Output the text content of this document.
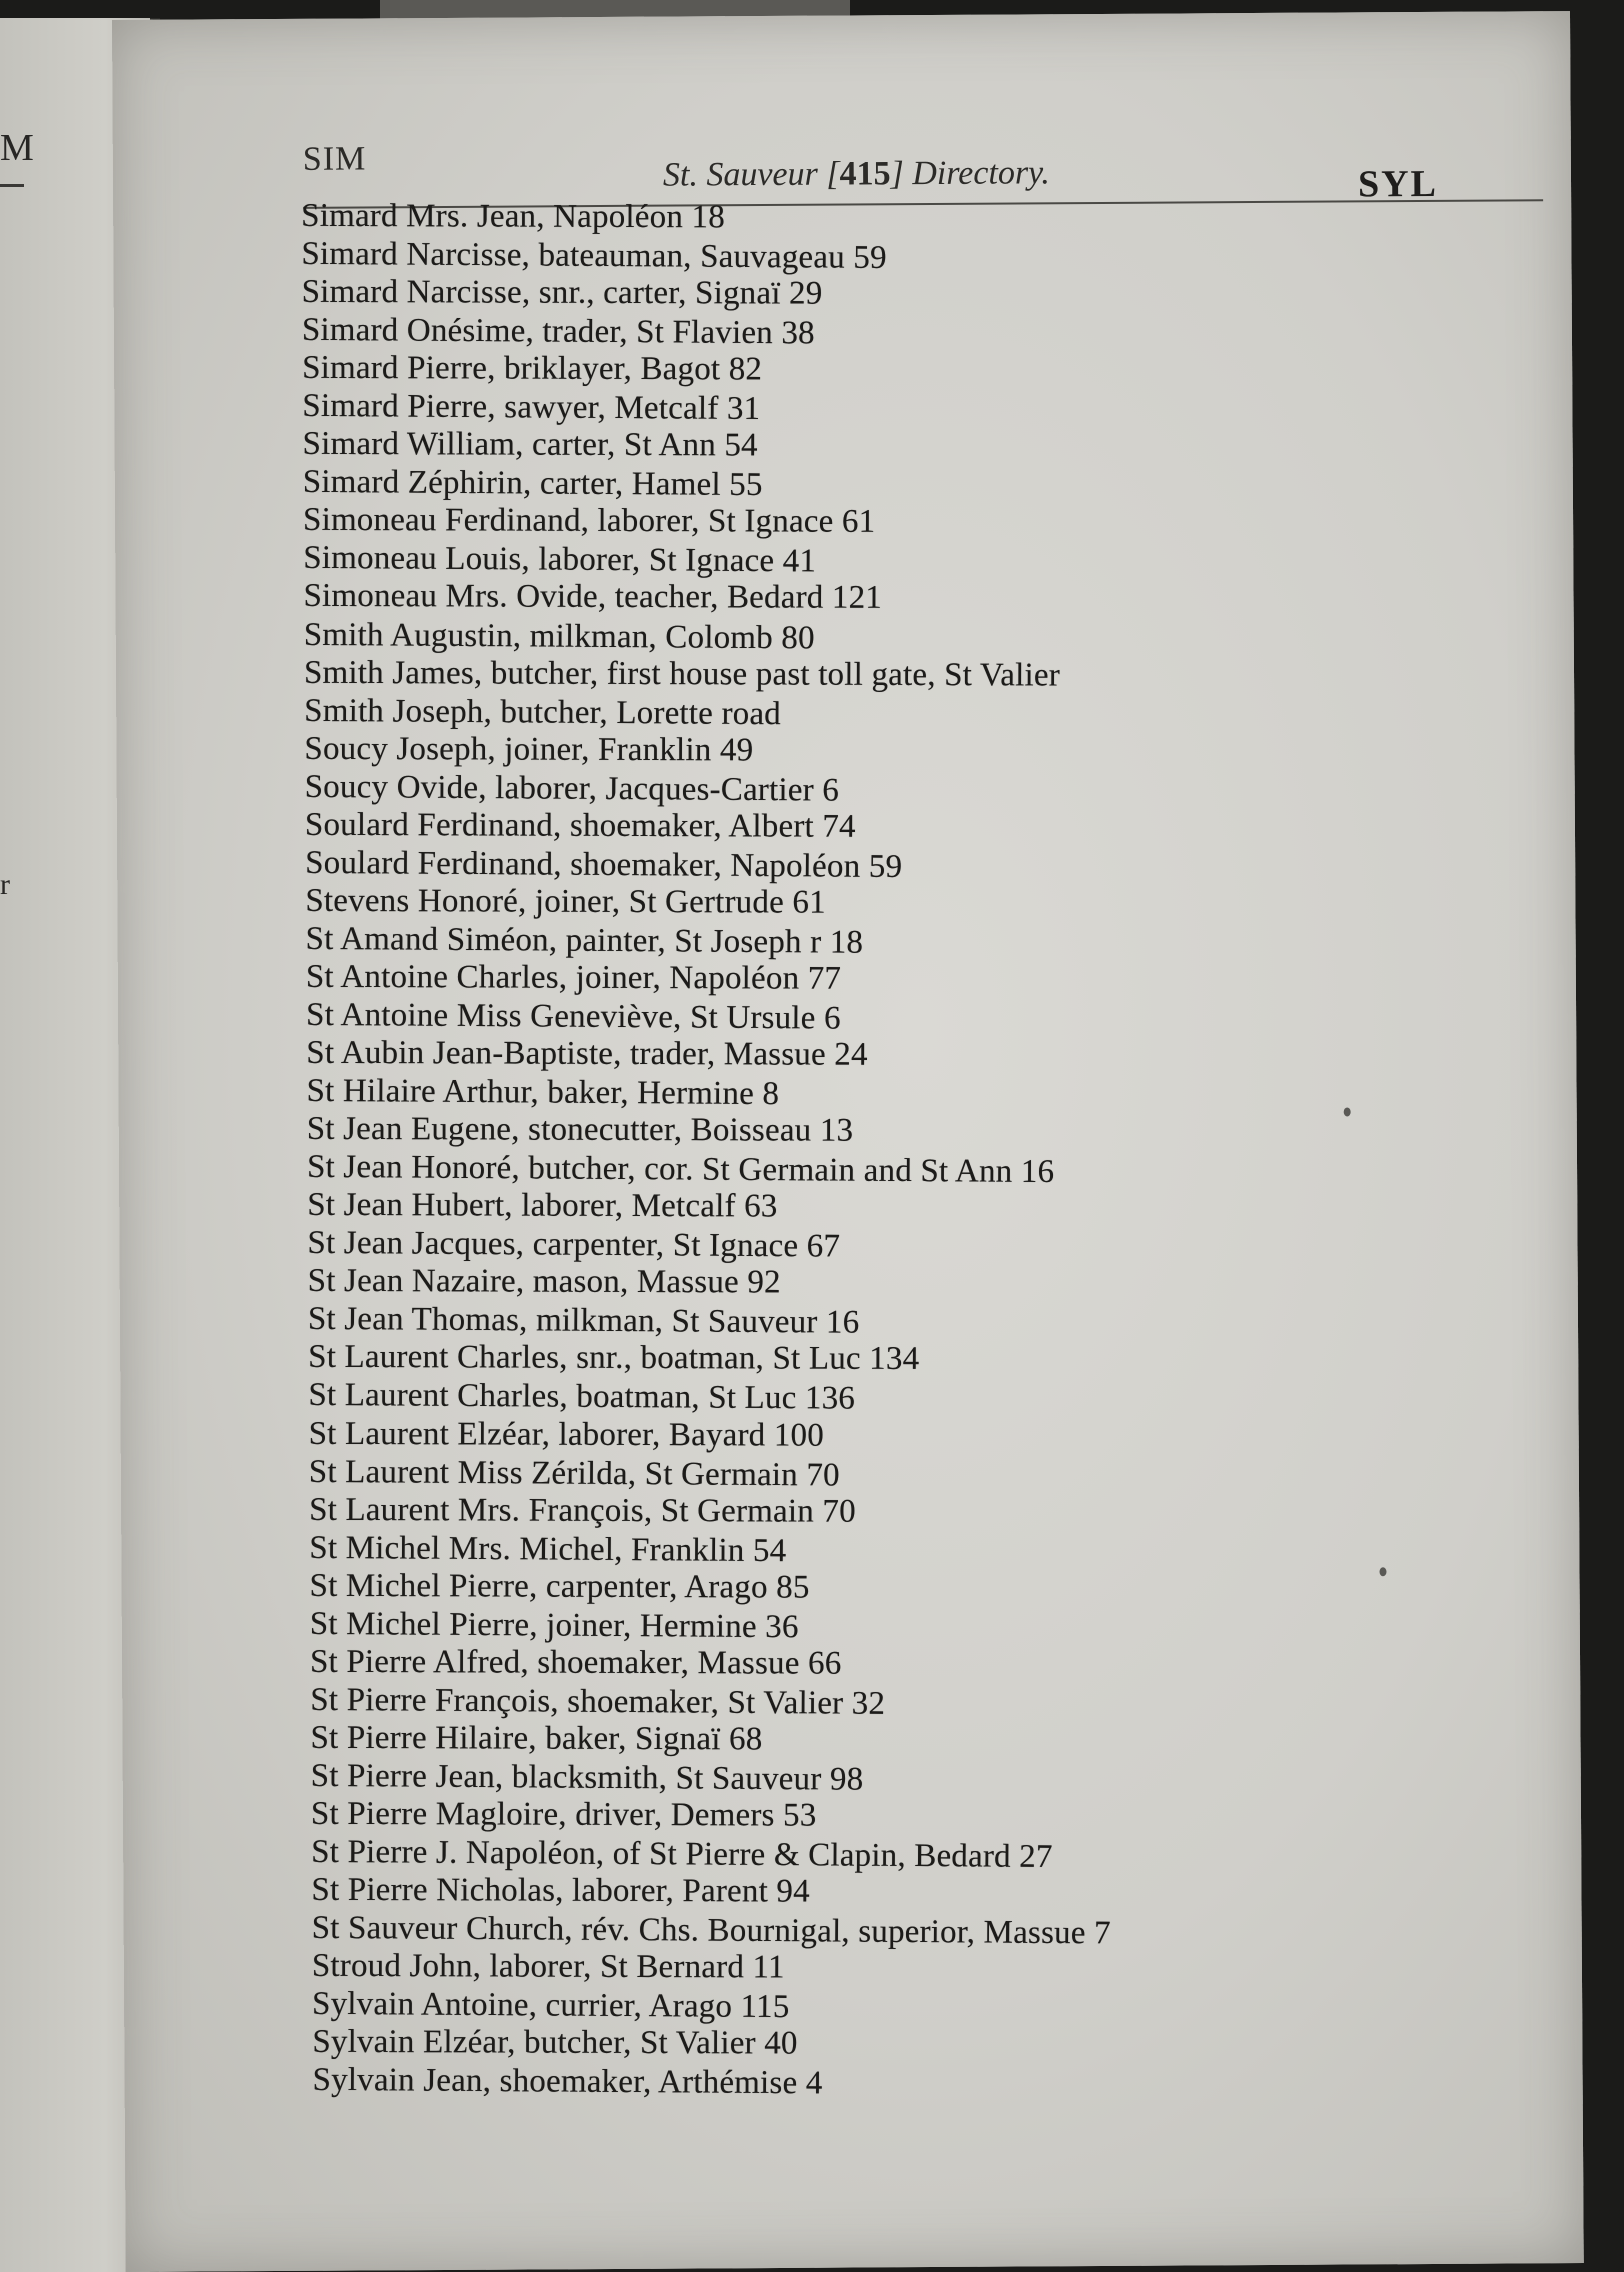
M
r
SIM	St. Sauveur [415] Directory.	SYL
Simard Mrs. Jean, Napoléon 18
Simard Narcisse, bateauman, Sauvageau 59
Simard Narcisse, snr., carter, Signaï 29
Simard Onésime, trader, St Flavien 38
Simard Pierre, briklayer, Bagot 82
Simard Pierre, sawyer, Metcalf 31
Simard William, carter, St Ann 54
Simard Zéphirin, carter, Hamel 55
Simoneau Ferdinand, laborer, St Ignace 61
Simoneau Louis, laborer, St Ignace 41
Simoneau Mrs. Ovide, teacher, Bedard 121
Smith Augustin, milkman, Colomb 80
Smith James, butcher, first house past toll gate, St Valier
Smith Joseph, butcher, Lorette road
Soucy Joseph, joiner, Franklin 49
Soucy Ovide, laborer, Jacques-Cartier 6
Soulard Ferdinand, shoemaker, Albert 74
Soulard Ferdinand, shoemaker, Napoléon 59
Stevens Honoré, joiner, St Gertrude 61
St Amand Siméon, painter, St Joseph r 18
St Antoine Charles, joiner, Napoléon 77
St Antoine Miss Geneviève, St Ursule 6
St Aubin Jean-Baptiste, trader, Massue 24
St Hilaire Arthur, baker, Hermine 8
St Jean Eugene, stonecutter, Boisseau 13
St Jean Honoré, butcher, cor. St Germain and St Ann 16
St Jean Hubert, laborer, Metcalf 63
St Jean Jacques, carpenter, St Ignace 67
St Jean Nazaire, mason, Massue 92
St Jean Thomas, milkman, St Sauveur 16
St Laurent Charles, snr., boatman, St Luc 134
St Laurent Charles, boatman, St Luc 136
St Laurent Elzéar, laborer, Bayard 100
St Laurent Miss Zérilda, St Germain 70
St Laurent Mrs. François, St Germain 70
St Michel Mrs. Michel, Franklin 54
St Michel Pierre, carpenter, Arago 85
St Michel Pierre, joiner, Hermine 36
St Pierre Alfred, shoemaker, Massue 66
St Pierre François, shoemaker, St Valier 32
St Pierre Hilaire, baker, Signaï 68
St Pierre Jean, blacksmith, St Sauveur 98
St Pierre Magloire, driver, Demers 53
St Pierre J. Napoléon, of St Pierre & Clapin, Bedard 27
St Pierre Nicholas, laborer, Parent 94
St Sauveur Church, rév. Chs. Bournigal, superior, Massue 7
Stroud John, laborer, St Bernard 11
Sylvain Antoine, currier, Arago 115
Sylvain Elzéar, butcher, St Valier 40
Sylvain Jean, shoemaker, Arthémise 4
